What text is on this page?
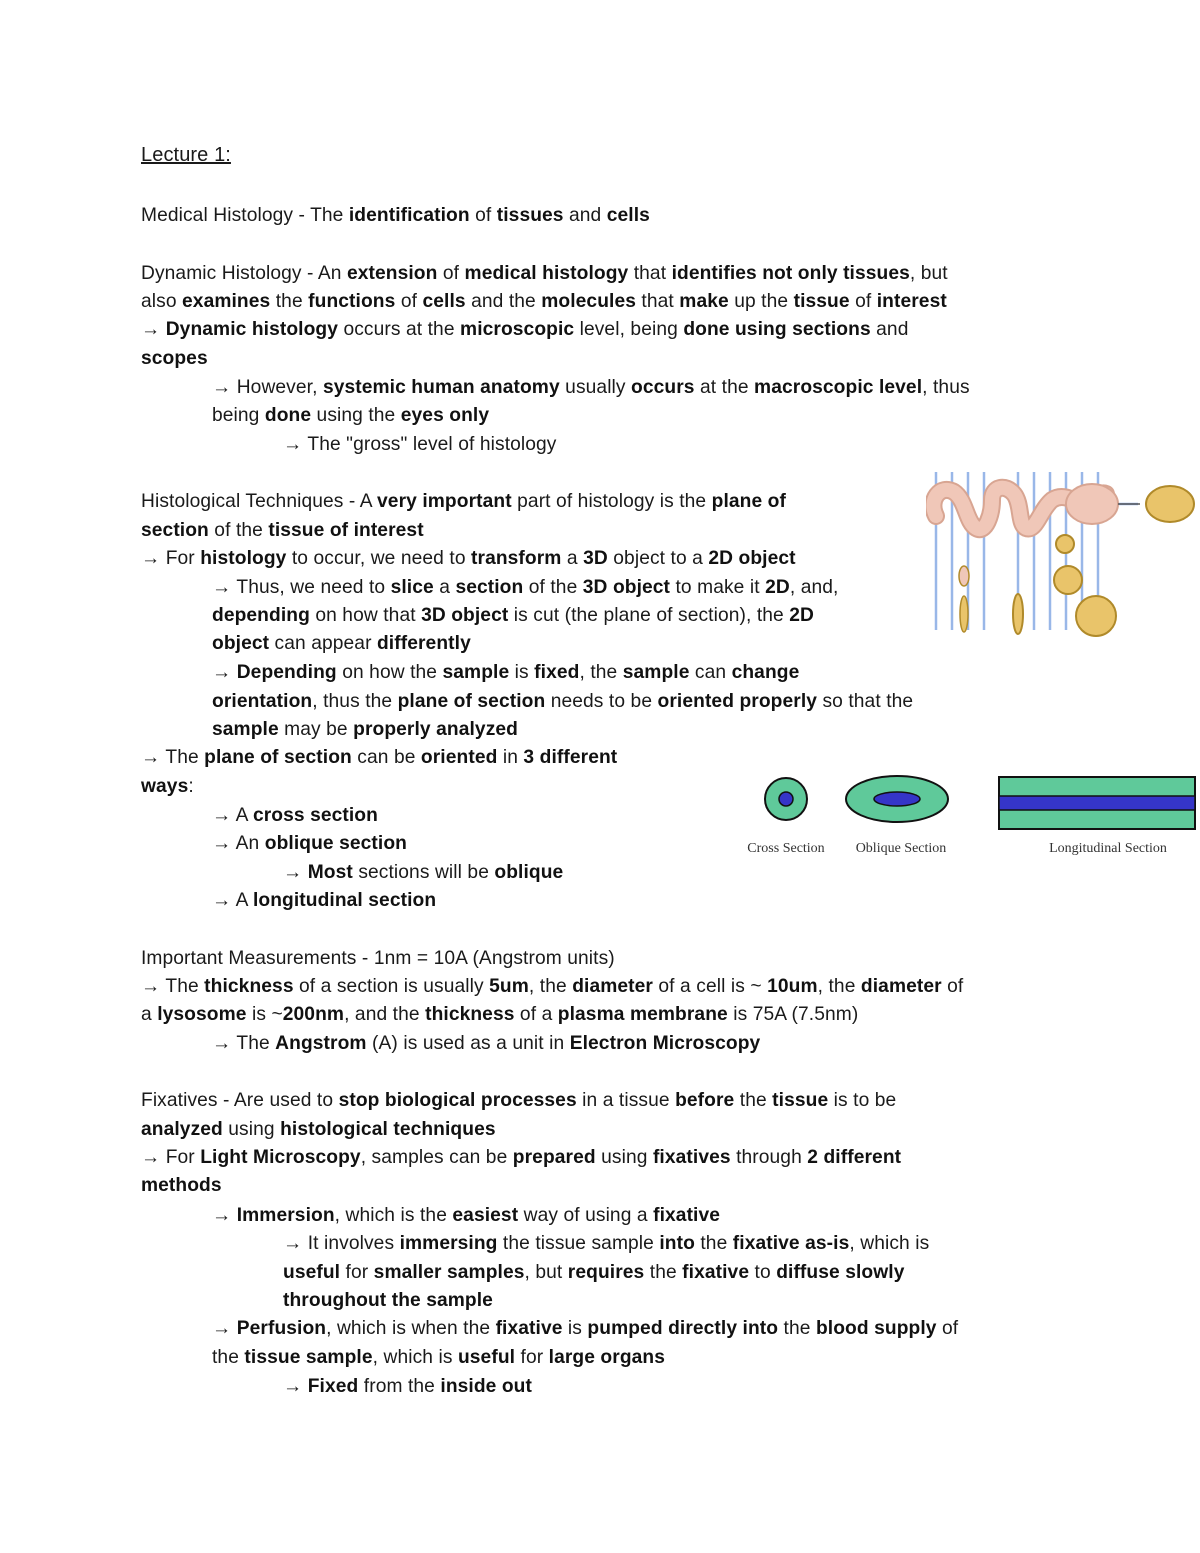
Lecture 1:
Medical Histology - The identification of tissues and cells
Dynamic Histology - An extension of medical histology that identifies not only tissues, but
also examines the functions of cells and the molecules that make up the tissue of interest
→ Dynamic histology occurs at the microscopic level, being done using sections and
scopes
→ However, systemic human anatomy usually occurs at the macroscopic level, thus
being done using the eyes only
→ The "gross" level of histology
Histological Techniques - A very important part of histology is the plane of
section of the tissue of interest
→ For histology to occur, we need to transform a 3D object to a 2D object
→ Thus, we need to slice a section of the 3D object to make it 2D, and,
depending on how that 3D object is cut (the plane of section), the 2D
object can appear differently
→ Depending on how the sample is fixed, the sample can change
orientation, thus the plane of section needs to be oriented properly so that the
sample may be properly analyzed
→ The plane of section can be oriented in 3 different
ways:
→ A cross section
→ An oblique section
→ Most sections will be oblique
→ A longitudinal section
Important Measurements - 1nm = 10A (Angstrom units)
→ The thickness of a section is usually 5um, the diameter of a cell is ~ 10um, the diameter of
a lysosome is ~200nm, and the thickness of a plasma membrane is 75A (7.5nm)
→ The Angstrom (A) is used as a unit in Electron Microscopy
Fixatives - Are used to stop biological processes in a tissue before the tissue is to be
analyzed using histological techniques
→ For Light Microscopy, samples can be prepared using fixatives through 2 different
methods
→ Immersion, which is the easiest way of using a fixative
→ It involves immersing the tissue sample into the fixative as-is, which is
useful for smaller samples, but requires the fixative to diffuse slowly
throughout the sample
→ Perfusion, which is when the fixative is pumped directly into the blood supply of
the tissue sample, which is useful for large organs
→ Fixed from the inside out
Cross Section Oblique Section	Longitudinal Section
